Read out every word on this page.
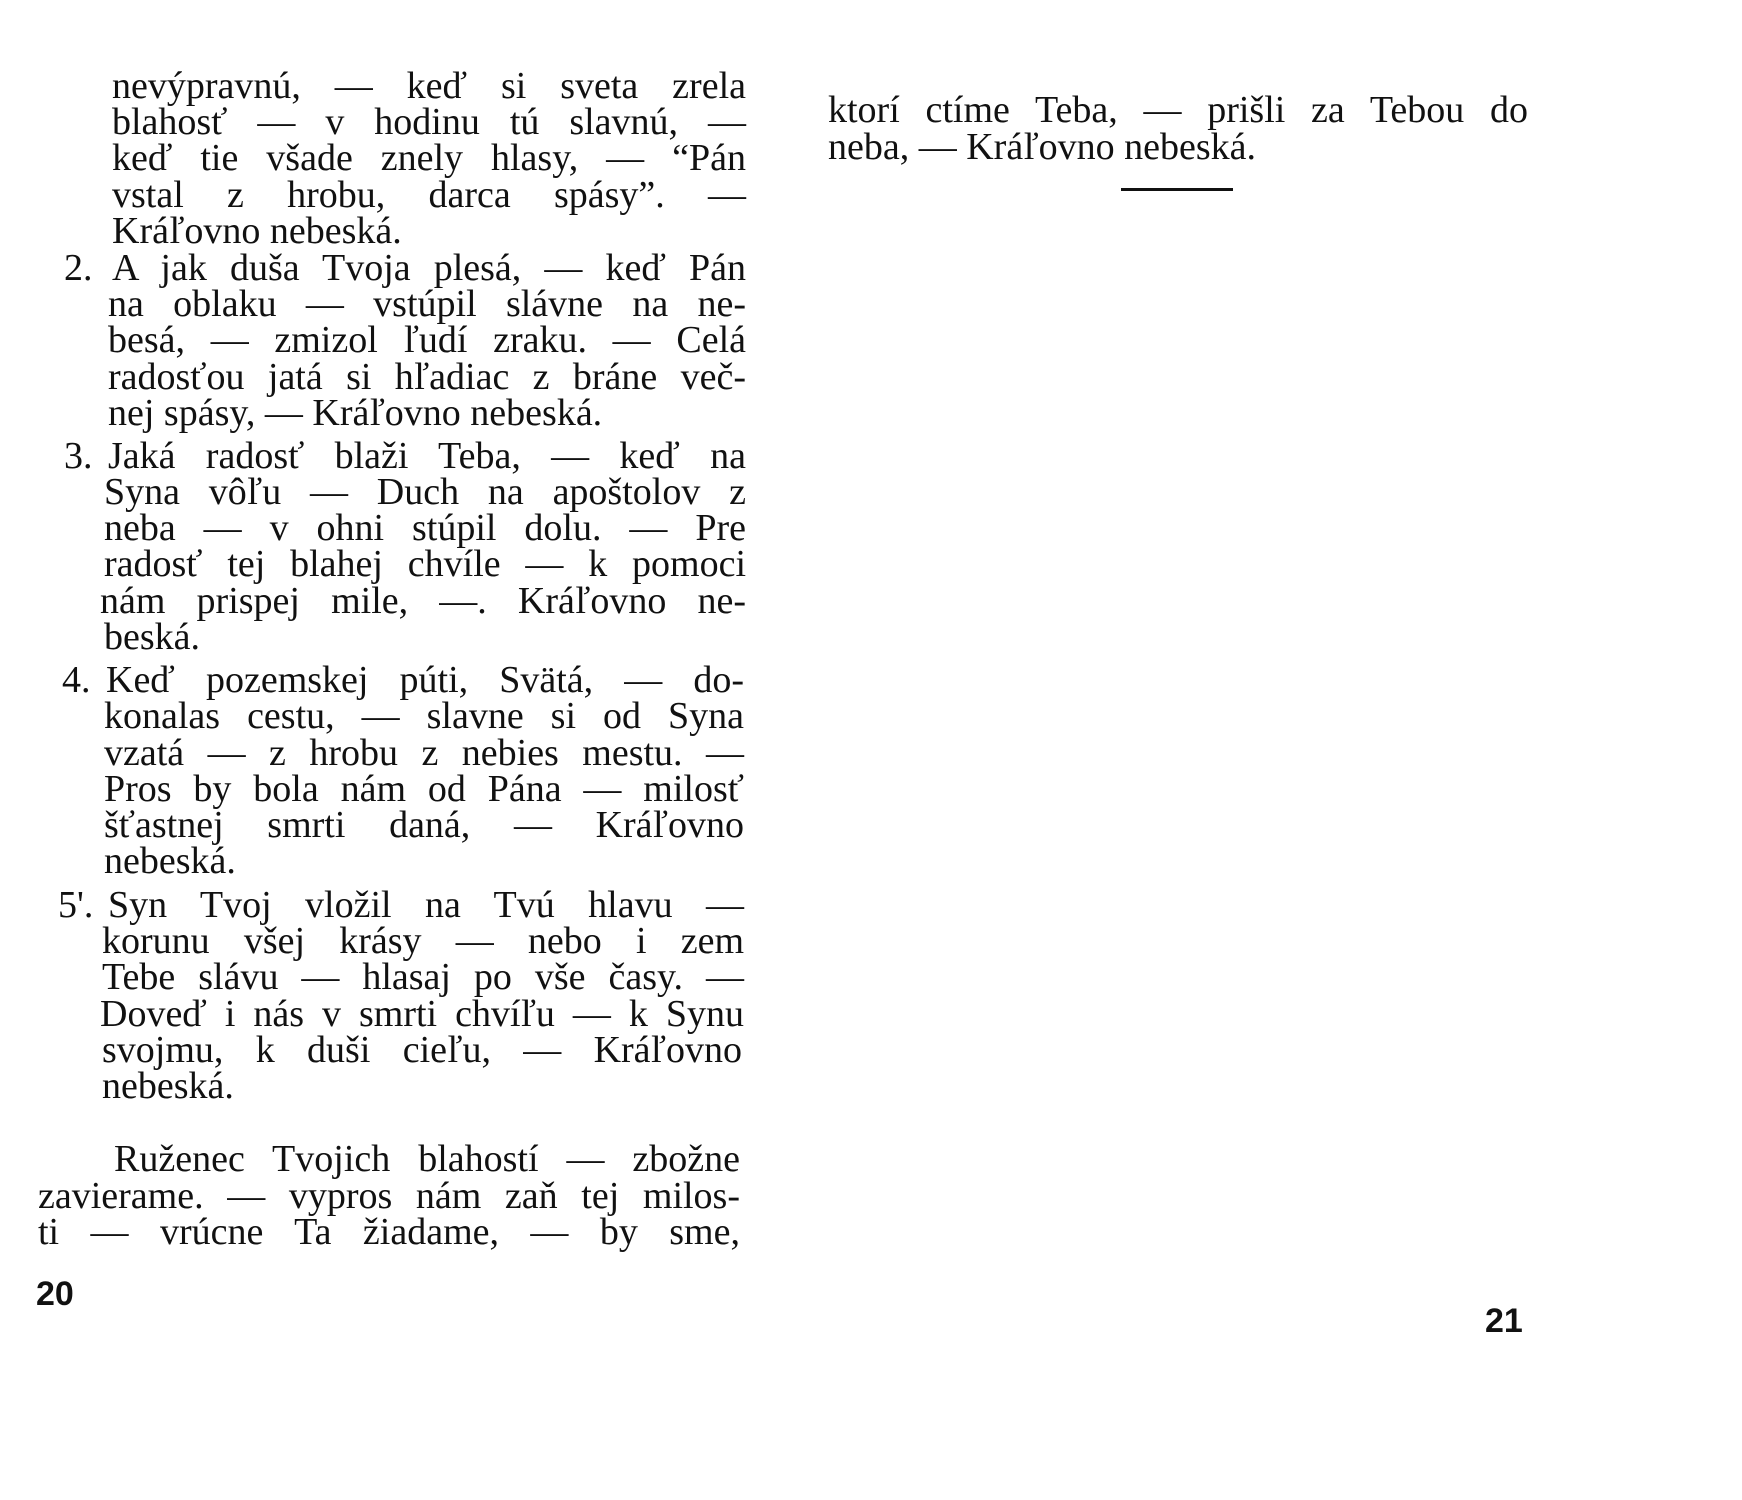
nevýpravnú, — keď si sveta zrela
blahosť — v hodinu tú slavnú, —
keď tie všade znely hlasy, — “Pán
vstal z hrobu, darca spásy”. —
Kráľovno nebeská.
2. A jak duša Tvoja plesá, — keď Pán
na oblaku — vstúpil slávne na ne-
besá, — zmizol ľudí zraku. — Celá
radosťou jatá si hľadiac z bráne več-
nej spásy, — Kráľovno nebeská.
3. Jaká radosť blaži Teba, — keď na
Syna vôľu — Duch na apoštolov z
neba — v ohni stúpil dolu. — Pre
radosť tej blahej chvíle — k pomoci
nám prispej mile, —. Kráľovno ne-
beská.
4. Keď pozemskej púti, Svätá, — do-
konalas cestu, — slavne si od Syna
vzatá — z hrobu z nebies mestu. —
Pros by bola nám od Pána — milosť
šťastnej smrti daná, — Kráľovno
nebeská.
5'. Syn Tvoj vložil na Tvú hlavu —
korunu všej krásy — nebo i zem
Tebe slávu — hlasaj po vše časy. —
Doveď i nás v smrti chvíľu — k Synu
svojmu, k duši cieľu, — Kráľovno
nebeská.
Ruženec Tvojich blahostí — zbožne
zavierame. — vypros nám zaň tej milos-
ti — vrúcne Ta žiadame, — by sme,
20
ktorí ctíme Teba, — prišli za Tebou do
neba, — Kráľovno nebeská.
21
